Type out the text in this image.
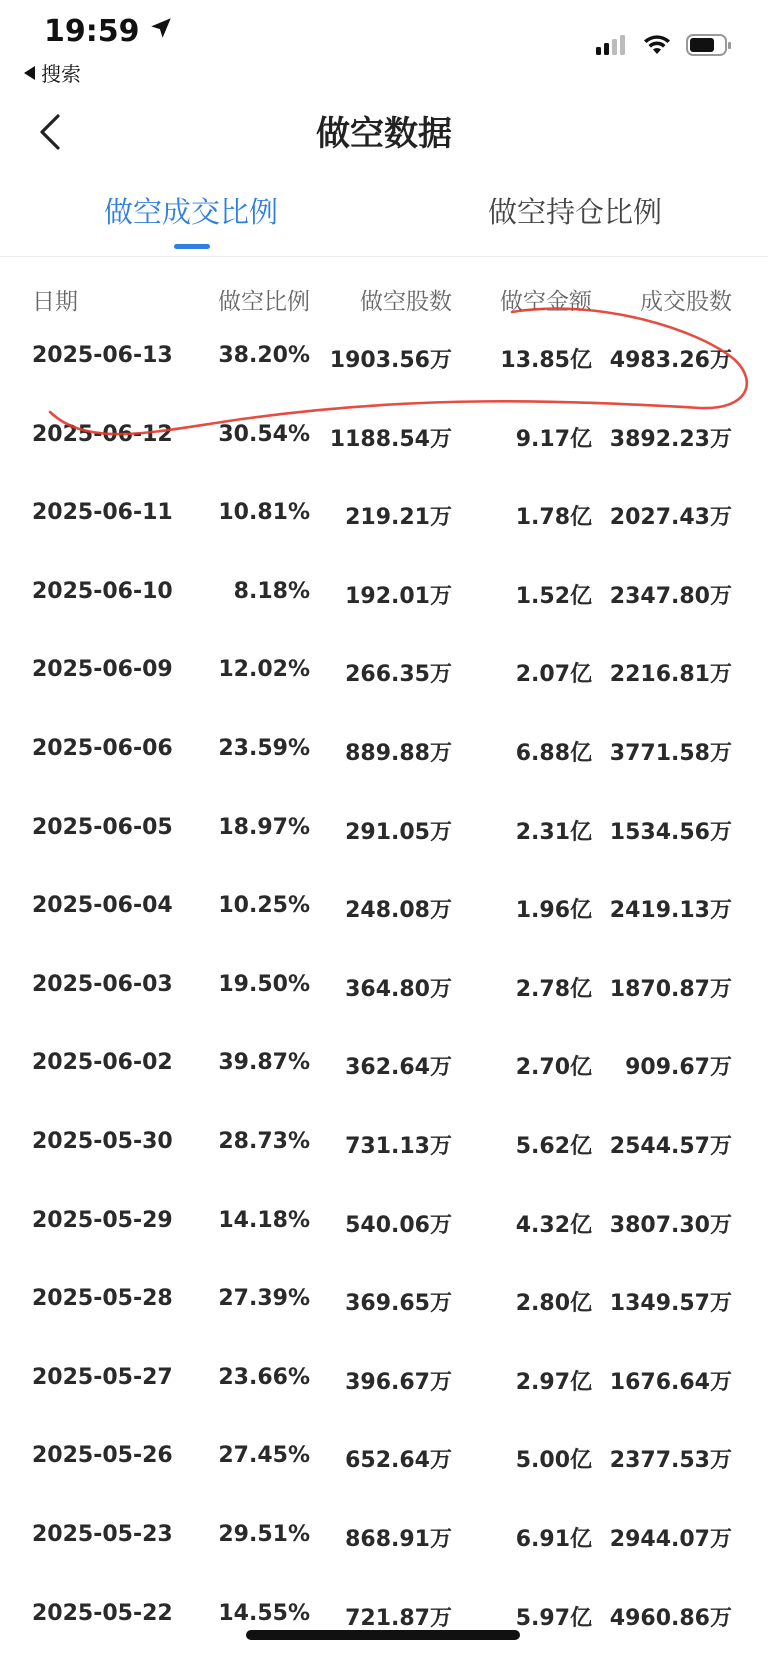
19:59
搜索
做空数据
做空成交比例	做空持仓比例
日期	做空比例 做空股数 做空金额 成交股数
2025-06-13 38.20% 1903.56万 13.85亿 4983.26万
2025-06-12 30.54% 1188.54万	9.17亿 3892.23万
2025-06-11 10.81% 219.21万	1.78亿 2027.43万
2025-06-10	8.18% 192.01万	1.52亿 2347.80万
2025-06-09 12.02% 266.35万	2.07亿 2216.81万
2025-06-06 23.59% 889.88万	6.88亿 3771.58万
2025-06-05 18.97% 291.05万	2.31亿 1534.56万
2025-06-04 10.25% 248.08万	1.96亿 2419.13万
2025-06-03 19.50% 364.80万	2.78亿 1870.87万
2025-06-02 39.87% 362.64万	2.70亿 909.67万
2025-05-30 28.73% 731.13万	5.62亿 2544.57万
2025-05-29 14.18% 540.06万	4.32亿 3807.30万
2025-05-28 27.39% 369.65万	2.80亿 1349.57万
2025-05-27 23.66% 396.67万	2.97亿 1676.64万
2025-05-26 27.45% 652.64万	5.00亿 2377.53万
2025-05-23 29.51% 868.91万	6.91亿 2944.07万
2025-05-22 14.55% 721.87万	5.97亿 4960.86万
